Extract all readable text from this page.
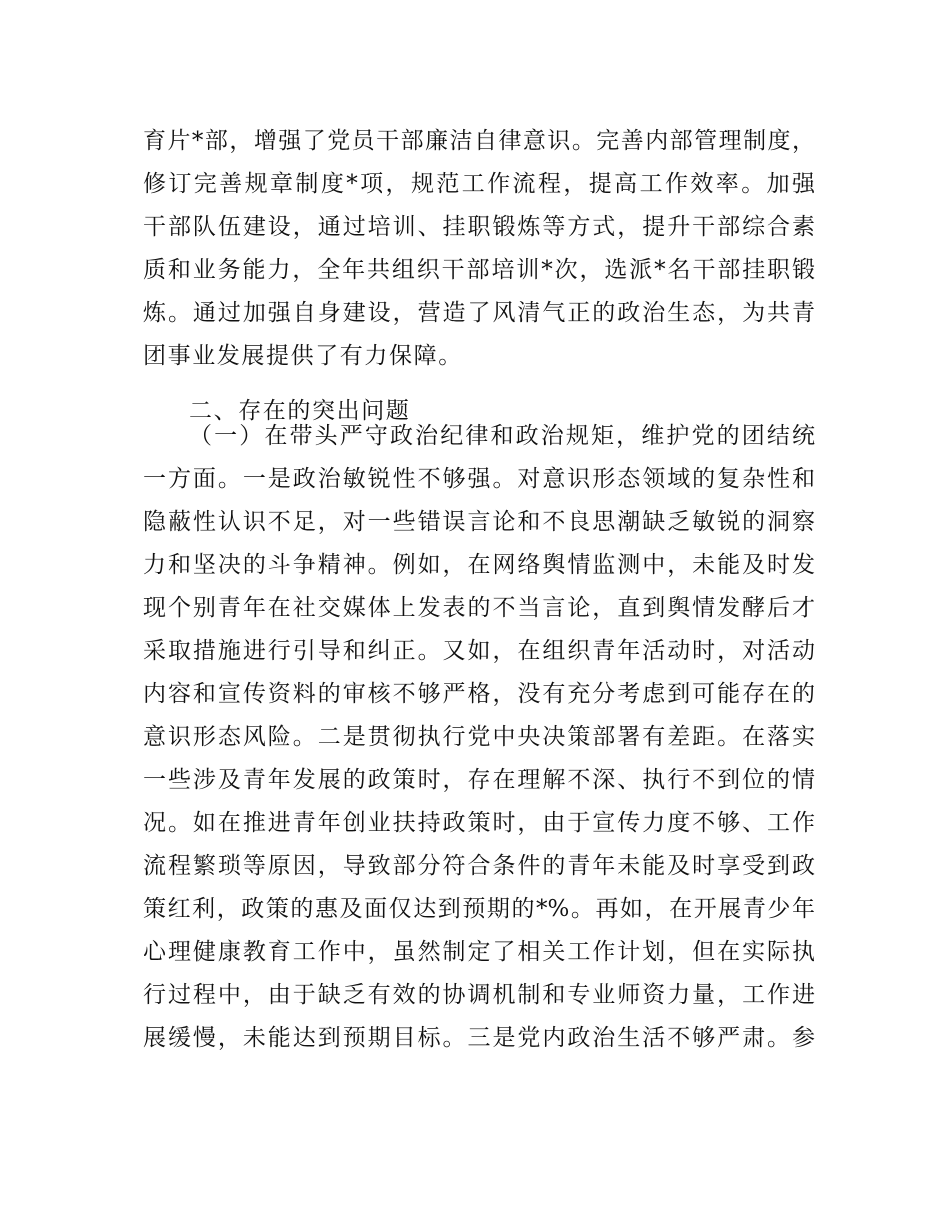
育片*部，增强了党员干部廉洁自律意识。完善内部管理制度，
修订完善规章制度*项，规范工作流程，提高工作效率。加强
干部队伍建设，通过培训、挂职锻炼等方式，提升干部综合素
质和业务能力，全年共组织干部培训*次，选派*名干部挂职锻
炼。通过加强自身建设，营造了风清气正的政治生态，为共青
团事业发展提供了有力保障。
二、存在的突出问题
（一）在带头严守政治纪律和政治规矩，维护党的团结统
一方面。一是政治敏锐性不够强。对意识形态领域的复杂性和
隐蔽性认识不足，对一些错误言论和不良思潮缺乏敏锐的洞察
力和坚决的斗争精神。例如，在网络舆情监测中，未能及时发
现个别青年在社交媒体上发表的不当言论，直到舆情发酵后才
采取措施进行引导和纠正。又如，在组织青年活动时，对活动
内容和宣传资料的审核不够严格，没有充分考虑到可能存在的
意识形态风险。二是贯彻执行党中央决策部署有差距。在落实
一些涉及青年发展的政策时，存在理解不深、执行不到位的情
况。如在推进青年创业扶持政策时，由于宣传力度不够、工作
流程繁琐等原因，导致部分符合条件的青年未能及时享受到政
策红利，政策的惠及面仅达到预期的*%。再如，在开展青少年
心理健康教育工作中，虽然制定了相关工作计划，但在实际执
行过程中，由于缺乏有效的协调机制和专业师资力量，工作进
展缓慢，未能达到预期目标。三是党内政治生活不够严肃。参
